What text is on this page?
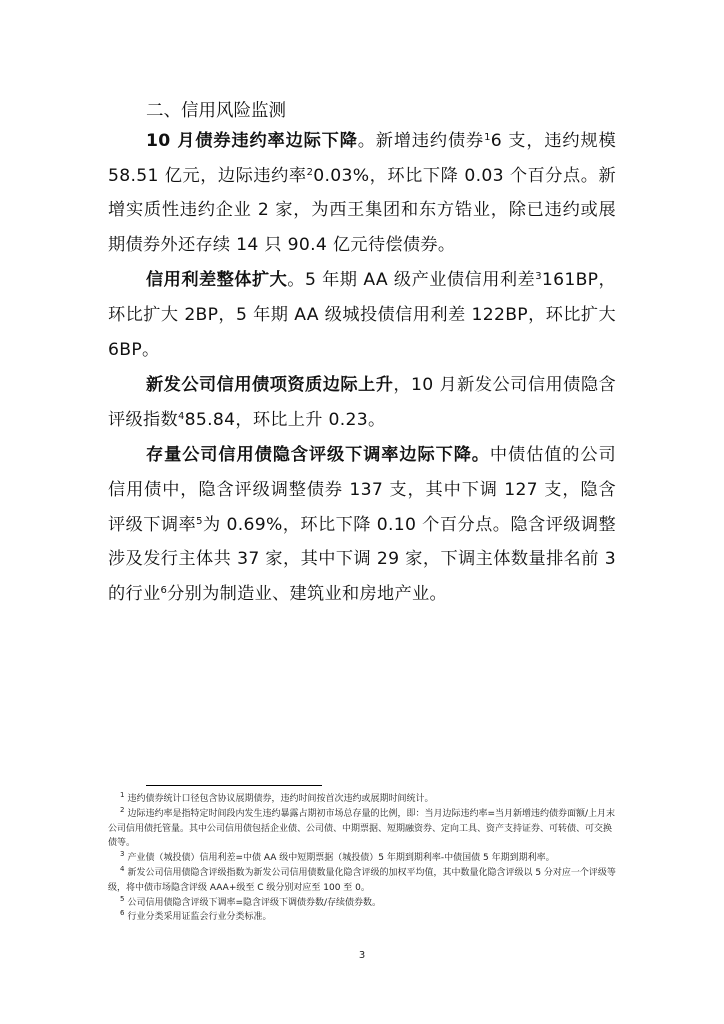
二、信用风险监测

10 月债券违约率边际下降。新增违约债券$^1$6 支，违约规模 58.51 亿元，边际违约率$^2$0.03%，环比下降 0.03 个百分点。新增实质性违约企业 2 家，为西王集团和东方锆业，除已违约或展期债券外还存续 14 只 90.4 亿元待偿债券。

信用利差整体扩大。5 年期 AA 级产业债信用利差$^3$161BP，环比扩大 2BP，5 年期 AA 级城投债信用利差 122BP，环比扩大 6BP。

新发公司信用债项资质边际上升，10 月新发公司信用债隐含评级指数$^4$85.84，环比上升 0.23。

存量公司信用债隐含评级下调率边际下降。中债估值的公司信用债中，隐含评级调整债券 137 支，其中下调 127 支，隐含评级下调率$^5$为 0.69%，环比下降 0.10 个百分点。隐含评级调整涉及发行主体共 37 家，其中下调 29 家，下调主体数量排名前 3 的行业$^6$分别为制造业、建筑业和房地产业。

$^1$ 违约债券统计口径包含协议展期债券，违约时间按首次违约或展期时间统计。
$^2$ 边际违约率是指特定时间段内发生违约暴露占期初市场总存量的比例，即：当月边际违约率=当月新增违约债券面额/上月末公司信用债托管量。其中公司信用债包括企业债、公司债、中期票据、短期融资券、定向工具、资产支持证券、可转债、可交换债等。
$^3$ 产业债（城投债）信用利差=中债 AA 级中短期票据（城投债）5 年期到期利率-中债国债 5 年期到期利率。
$^4$ 新发公司信用债隐含评级指数为新发公司信用债数量化隐含评级的加权平均值，其中数量化隐含评级以 5 分对应一个评级等级，将中债市场隐含评级 AAA+级至 C 级分别对应至 100 至 0。
$^5$ 公司信用债隐含评级下调率=隐含评级下调债券数/存续债券数。
$^6$ 行业分类采用证监会行业分类标准。
3
